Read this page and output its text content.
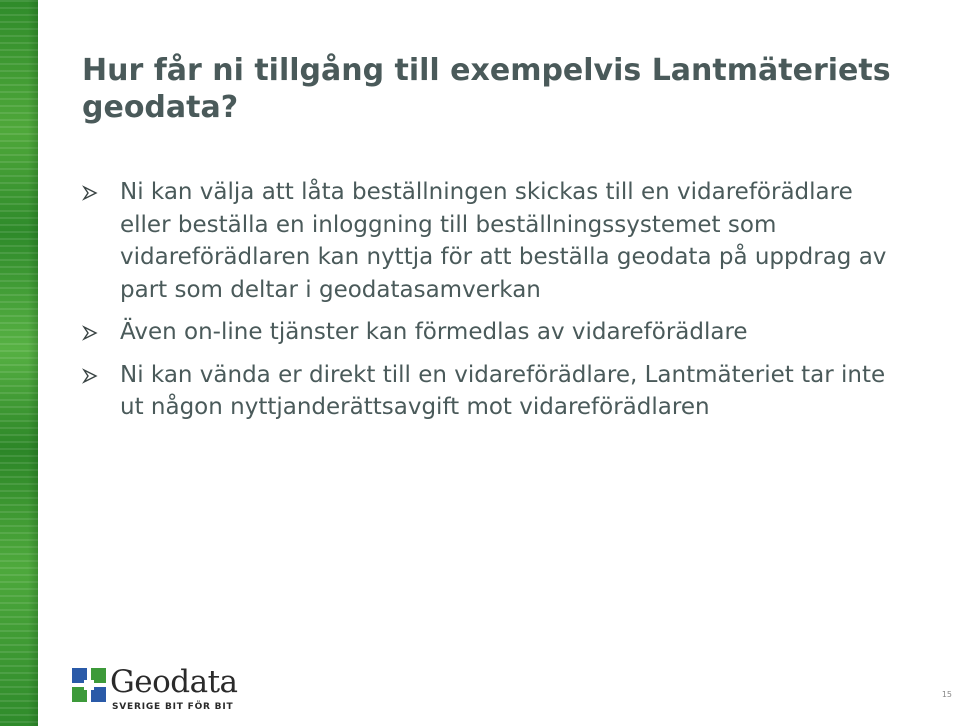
Hur får ni tillgång till exempelvis Lantmäteriets geodata?
Ni kan välja att låta beställningen skickas till en vidareförädlare eller beställa en inloggning till beställningssystemet som vidareförädlaren kan nyttja för att beställa geodata på uppdrag av part som deltar i geodatasamverkan
Även on-line tjänster kan förmedlas av vidareförädlare
Ni kan vända er direkt till en vidareförädlare, Lantmäteriet tar inte ut någon nyttjanderättsavgift mot vidareförädlaren
Geodata
SVERIGE BIT FÖR BIT
15
